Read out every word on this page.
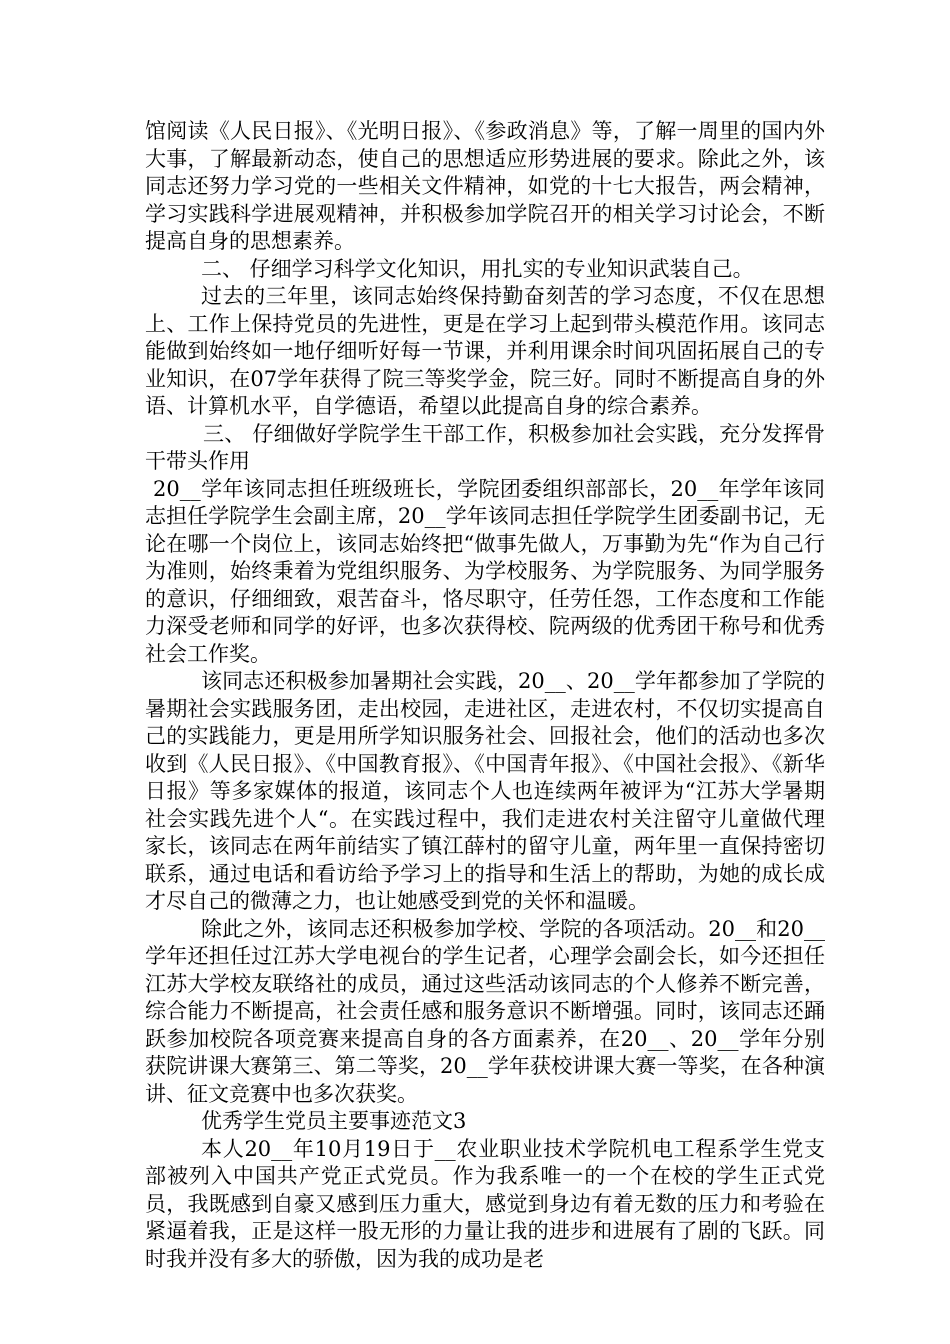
馆阅读《人民日报》、《光明日报》、《参政消息》等，了解一周里的国内外大事，了解最新动态，使自己的思想适应形势进展的要求。除此之外，该同志还努力学习党的一些相关文件精神，如党的十七大报告，两会精神，学习实践科学进展观精神，并积极参加学院召开的相关学习讨论会，不断提高自身的思想素养。

二、 仔细学习科学文化知识，用扎实的专业知识武装自己。

过去的三年里，该同志始终保持勤奋刻苦的学习态度，不仅在思想上、工作上保持党员的先进性，更是在学习上起到带头模范作用。该同志能做到始终如一地仔细听好每一节课，并利用课余时间巩固拓展自己的专业知识，在07学年获得了院三等奖学金，院三好。同时不断提高自身的外语、计算机水平，自学德语，希望以此提高自身的综合素养。

三、 仔细做好学院学生干部工作，积极参加社会实践，充分发挥骨干带头作用

20__学年该同志担任班级班长，学院团委组织部部长，20__年学年该同志担任学院学生会副主席，20__学年该同志担任学院学生团委副书记，无论在哪一个岗位上，该同志始终把“做事先做人，万事勤为先“作为自己行为准则，始终秉着为党组织服务、为学校服务、为学院服务、为同学服务的意识，仔细细致，艰苦奋斗，恪尽职守，任劳任怨，工作态度和工作能力深受老师和同学的好评，也多次获得校、院两级的优秀团干称号和优秀社会工作奖。

该同志还积极参加暑期社会实践，20__、20__学年都参加了学院的暑期社会实践服务团，走出校园，走进社区，走进农村，不仅切实提高自己的实践能力，更是用所学知识服务社会、回报社会，他们的活动也多次收到《人民日报》、《中国教育报》、《中国青年报》、《中国社会报》、《新华日报》等多家媒体的报道，该同志个人也连续两年被评为“江苏大学暑期社会实践先进个人“。在实践过程中，我们走进农村关注留守儿童做代理家长，该同志在两年前结实了镇江薛村的留守儿童，两年里一直保持密切联系，通过电话和看访给予学习上的指导和生活上的帮助，为她的成长成才尽自己的微薄之力，也让她感受到党的关怀和温暖。

除此之外，该同志还积极参加学校、学院的各项活动。20__和20__学年还担任过江苏大学电视台的学生记者，心理学会副会长，如今还担任江苏大学校友联络社的成员，通过这些活动该同志的个人修养不断完善，综合能力不断提高，社会责任感和服务意识不断增强。同时，该同志还踊跃参加校院各项竞赛来提高自身的各方面素养，在20__、20__学年分别获院讲课大赛第三、第二等奖，20__学年获校讲课大赛一等奖，在各种演讲、征文竞赛中也多次获奖。

优秀学生党员主要事迹范文3

本人20__年10月19日于__农业职业技术学院机电工程系学生党支部被列入中国共产党正式党员。作为我系唯一的一个在校的学生正式党员，我既感到自豪又感到压力重大，感觉到身边有着无数的压力和考验在紧逼着我，正是这样一股无形的力量让我的进步和进展有了剧的飞跃。同时我并没有多大的骄傲，因为我的成功是老
